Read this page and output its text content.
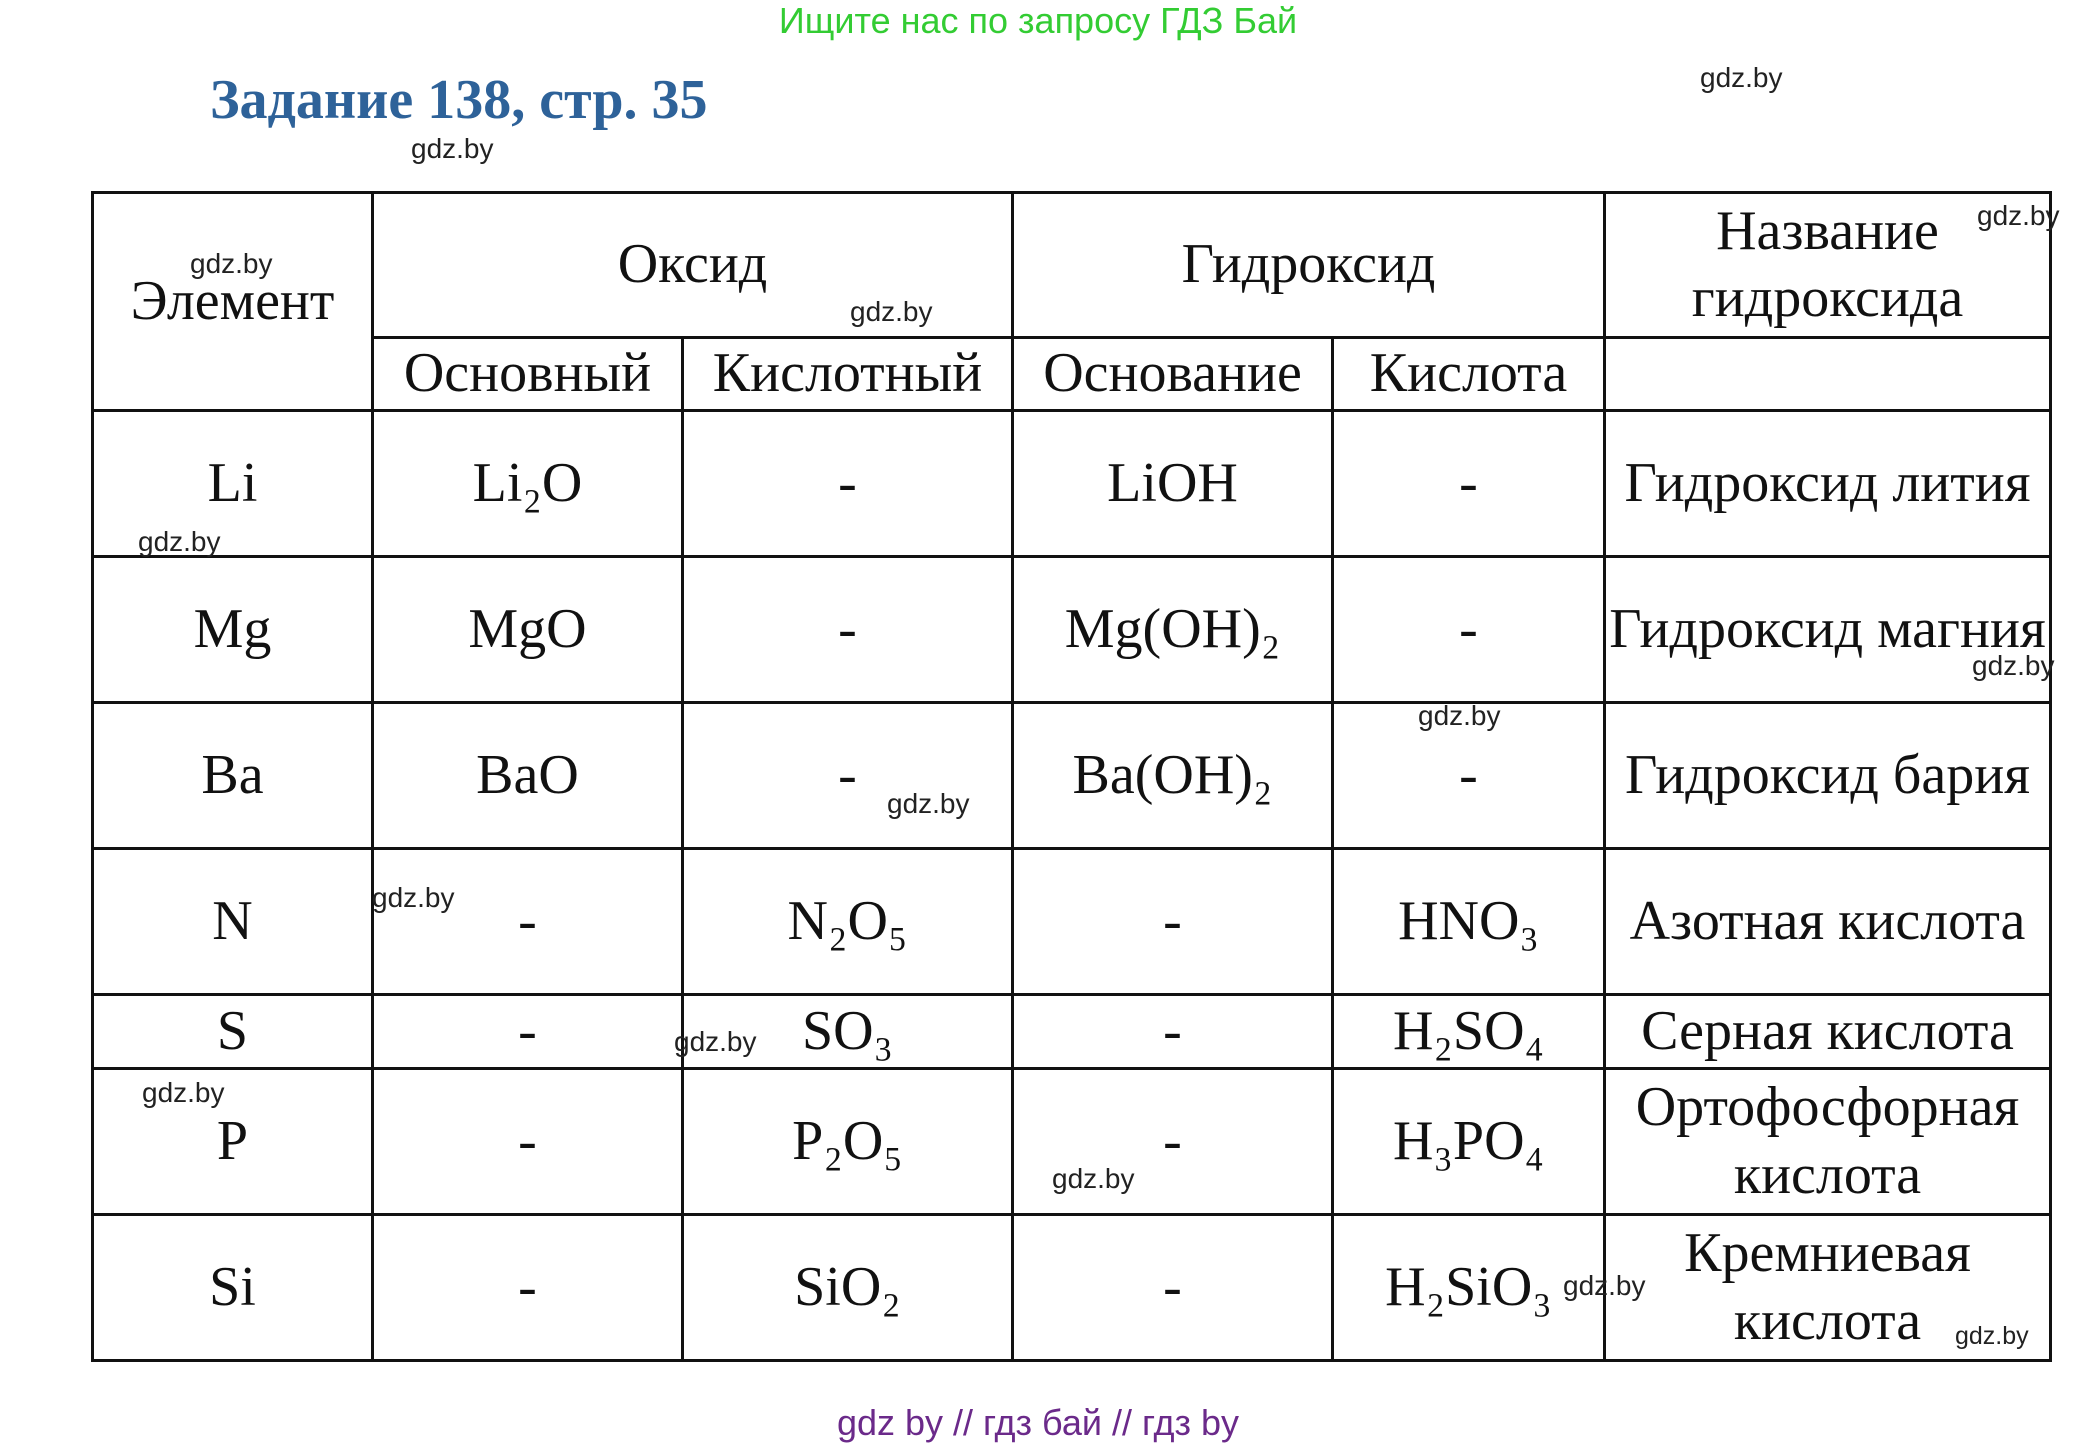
Ищите нас по запросу ГДЗ Бай
Задание 138, стр. 35
Элемент	Оксид		Гидроксид		Название гидроксида
	Основный	Кислотный	Основание	Кислота	
Li	Li₂O	-	LiOH	-	Гидроксид лития
Mg	MgO	-	Mg(OH)₂	-	Гидроксид магния
Ba	BaO	-	Ba(OH)₂	-	Гидроксид бария
N	-	N₂O₅	-	HNO₃	Азотная кислота
S	-	SO₃	-	H₂SO₄	Серная кислота
P	-	P₂O₅	-	H₃PO₄	Ортофосфорная кислота
Si	-	SiO₂	-	H₂SiO₃	Кремниевая кислота
gdz by // гдз бай // гдз by
gdz.by
gdz.by
gdz.by
gdz.by
gdz.by
gdz.by
gdz.by
gdz.by
gdz.by
gdz.by
gdz.by
gdz.by
gdz.by
gdz.by
gdz.by
